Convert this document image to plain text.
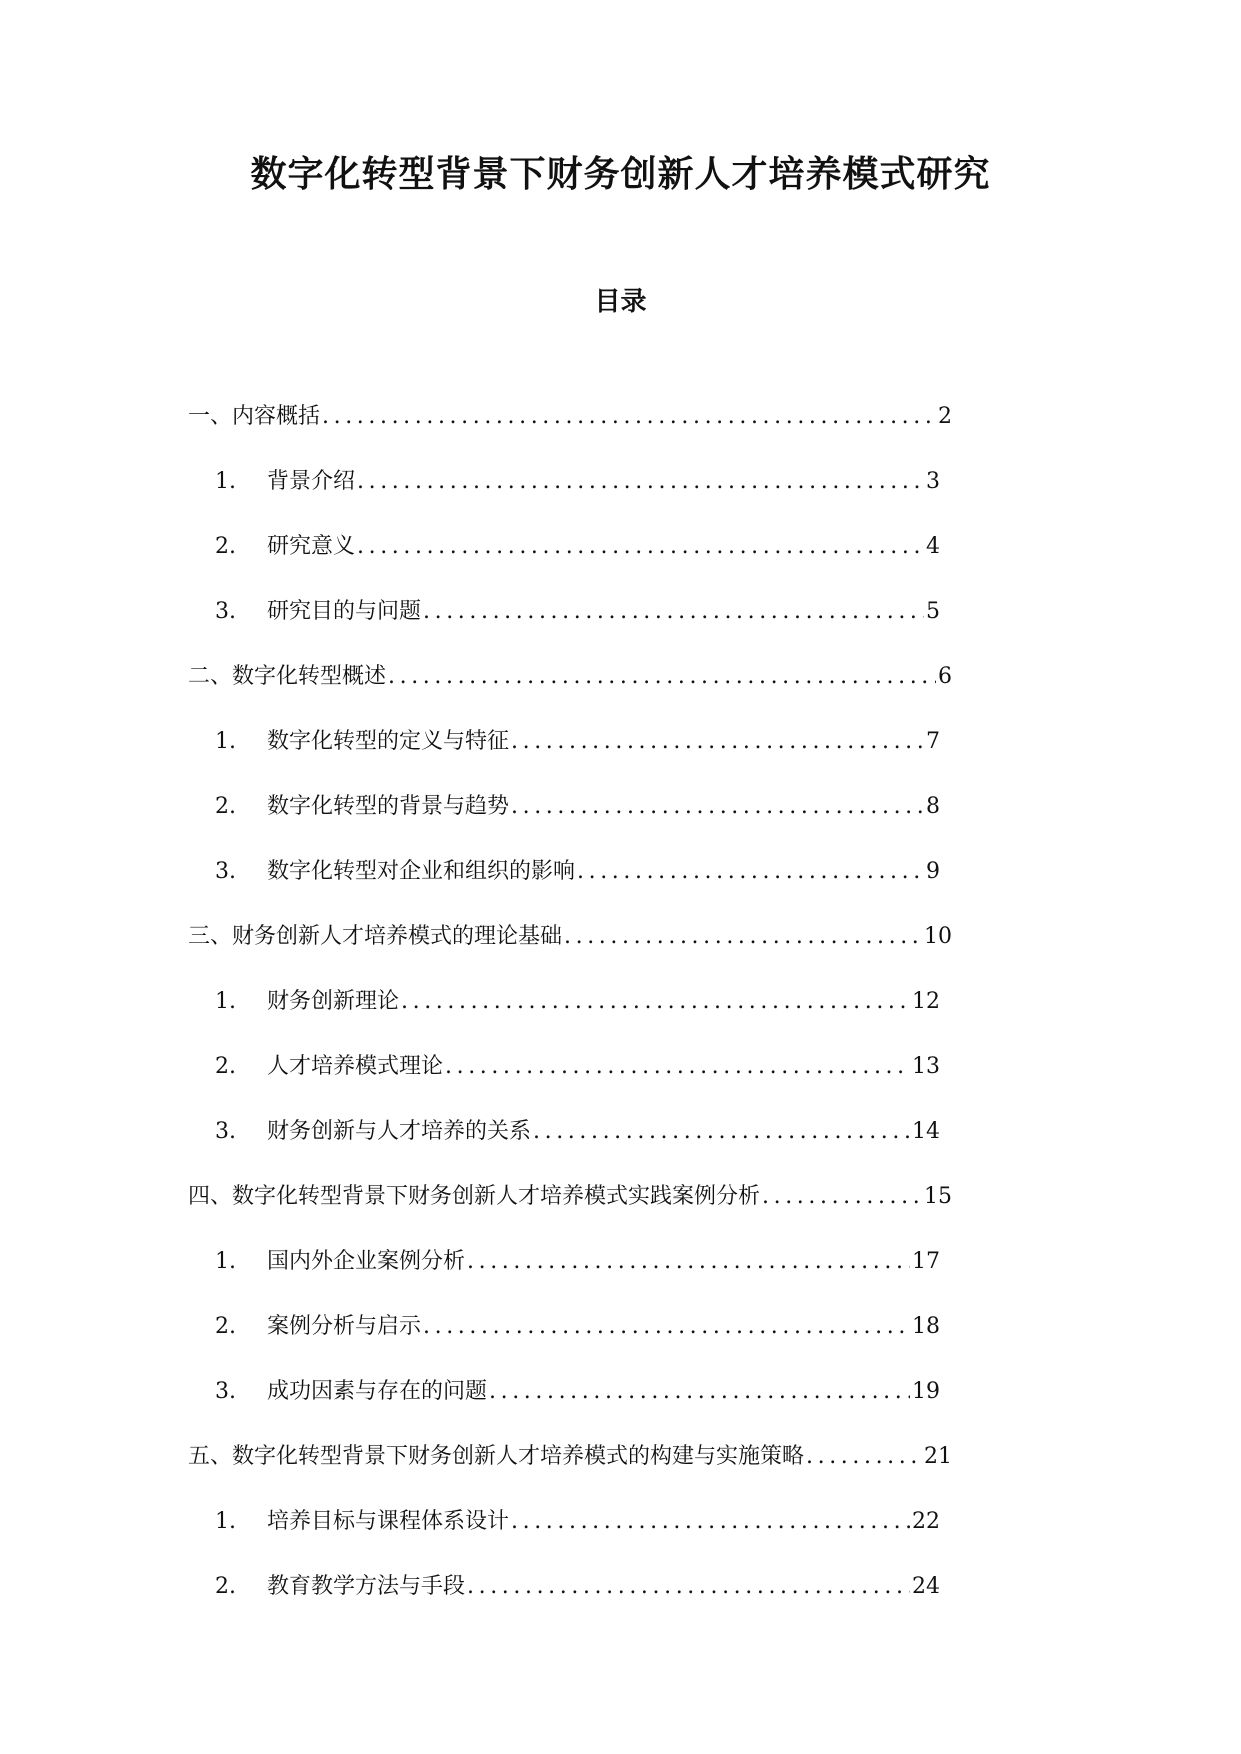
数字化转型背景下财务创新人才培养模式研究
目录
一、内容概括 .....	2
1.	背景介绍 .....	3
2.	研究意义 .....	4
3.	研究目的与问题 .....	5
二、数字化转型概述 .....	6
1.	数字化转型的定义与特征 .....	7
2.	数字化转型的背景与趋势 .....	8
3.	数字化转型对企业和组织的影响 .....	9
三、财务创新人才培养模式的理论基础 .....	10
1.	财务创新理论 .....	12
2.	人才培养模式理论 .....	13
3.	财务创新与人才培养的关系 .....	14
四、数字化转型背景下财务创新人才培养模式实践案例分析 .....	15
1.	国内外企业案例分析 .....	17
2.	案例分析与启示 .....	18
3.	成功因素与存在的问题 .....	19
五、数字化转型背景下财务创新人才培养模式的构建与实施策略 .....	21
1.	培养目标与课程体系设计 .....	22
2.	教育教学方法与手段 .....	24
